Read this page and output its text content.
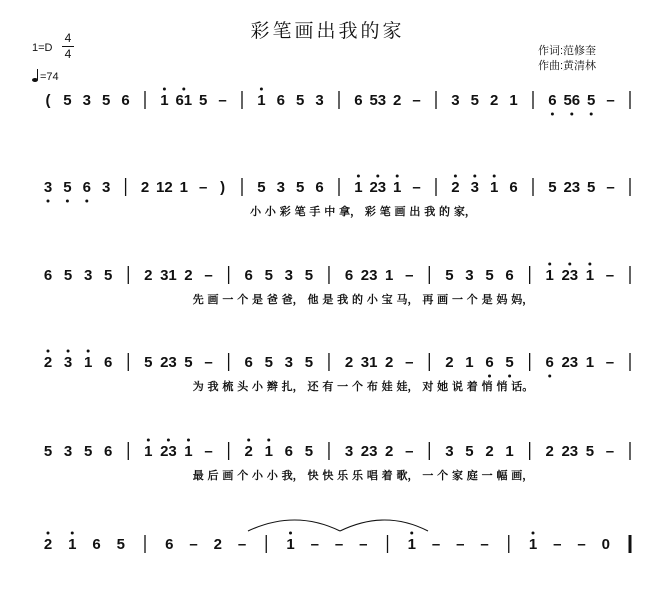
彩笔画出我的家
1=D
4
4
=74
作词:范修奎
作曲:黄清林
( 5 3 5 6 1 61 5 – 1 6 5 3 6 53 2 – 3 5 2 1 6 56 5 –
3 5 6 3 2 12 1 – ) 5 3 5 6 1 23 1 – 2 3 1 6 5 23 5 –
小 小 彩 笔 手 中 拿， 彩 笔 画 出 我 的 家，
6 5 3 5 2 31 2 – 6 5 3 5 6 23 1 – 5 3 5 6 1 23 1 –
先 画 一 个 是 爸 爸， 他 是 我 的 小 宝 马， 再 画 一 个 是 妈 妈，
2 3 1 6 5 23 5 – 6 5 3 5 2 31 2 – 2 1 6 5 6 23 1 –
为 我 梳 头 小 辫 扎， 还 有 一 个 布 娃 娃， 对 她 说 着 悄 悄 话。
5 3 5 6 1 23 1 – 2 1 6 5 3 23 2 – 3 5 2 1 2 23 5 –
最 后 画 个 小 小 我， 快 快 乐 乐 唱 着 歌， 一 个 家 庭 一 幅 画，
2 1 6 5	6 – 2 –	1 – – –	1 – – –	1 – – 0
